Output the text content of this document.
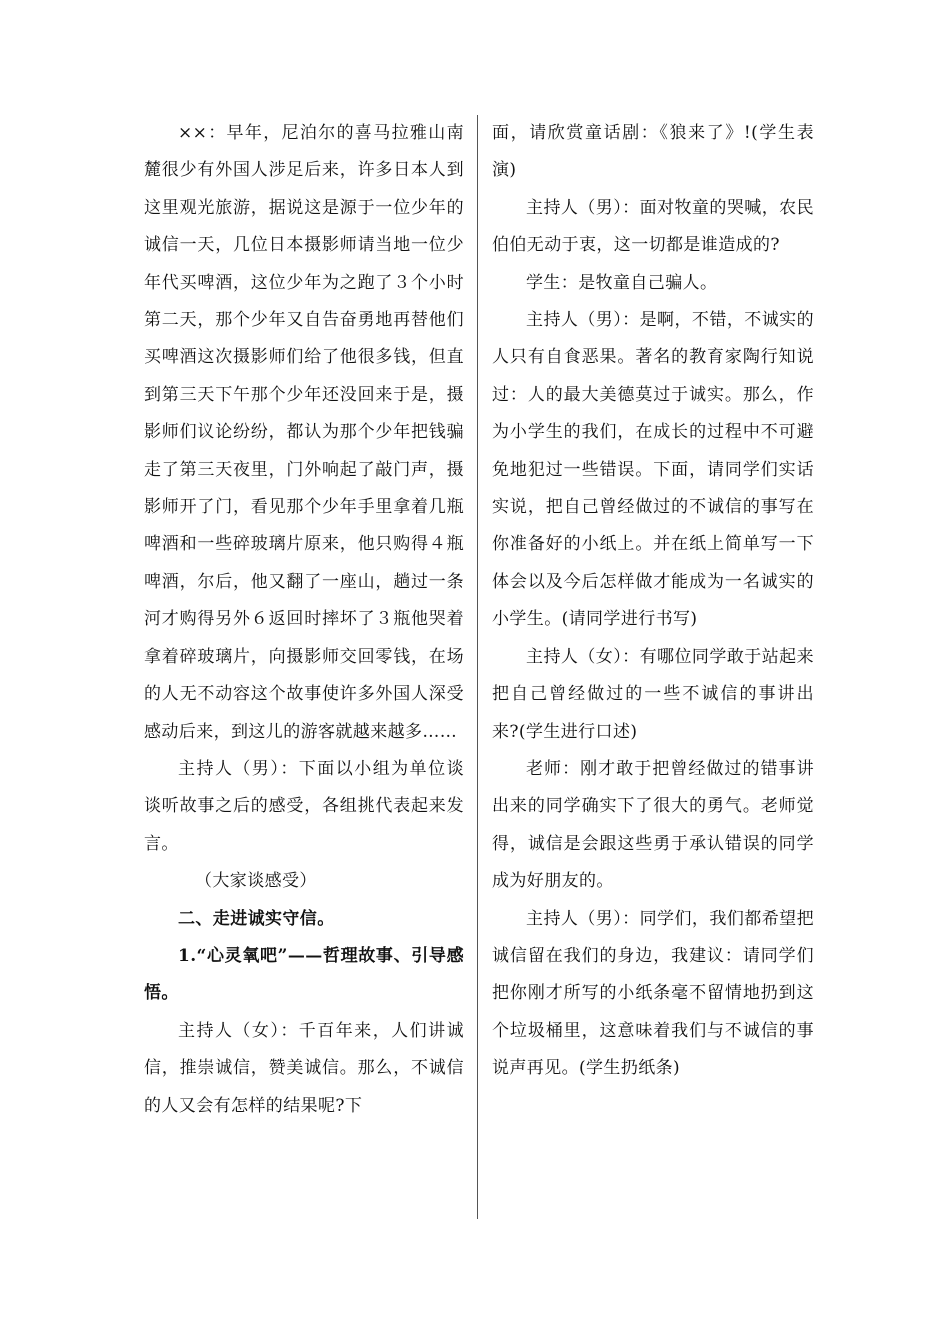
××：早年，尼泊尔的喜马拉雅山南麓很少有外国人涉足后来，许多日本人到这里观光旅游，据说这是源于一位少年的诚信一天，几位日本摄影师请当地一位少年代买啤酒，这位少年为之跑了３个小时第二天，那个少年又自告奋勇地再替他们买啤酒这次摄影师们给了他很多钱，但直到第三天下午那个少年还没回来于是，摄影师们议论纷纷，都认为那个少年把钱骗走了第三天夜里，门外响起了敲门声，摄影师开了门，看见那个少年手里拿着几瓶啤酒和一些碎玻璃片原来，他只购得４瓶啤酒，尔后，他又翻了一座山，趟过一条河才购得另外６返回时摔坏了３瓶他哭着拿着碎玻璃片，向摄影师交回零钱，在场的人无不动容这个故事使许多外国人深受感动后来，到这儿的游客就越来越多……

主持人（男）：下面以小组为单位谈谈听故事之后的感受，各组挑代表起来发言。

（大家谈感受）

二、走进诚实守信。

1.“心灵氧吧”——哲理故事、引导感悟。

主持人（女）：千百年来，人们讲诚信，推崇诚信，赞美诚信。那么，不诚信的人又会有怎样的结果呢?下

面，请欣赏童话剧：《狼来了》!(学生表演)

主持人（男）：面对牧童的哭喊，农民伯伯无动于衷，这一切都是谁造成的?

学生：是牧童自己骗人。

主持人（男）：是啊，不错，不诚实的人只有自食恶果。著名的教育家陶行知说过：人的最大美德莫过于诚实。那么，作为小学生的我们，在成长的过程中不可避免地犯过一些错误。下面，请同学们实话实说，把自己曾经做过的不诚信的事写在你准备好的小纸上。并在纸上简单写一下体会以及今后怎样做才能成为一名诚实的小学生。(请同学进行书写)

主持人（女）：有哪位同学敢于站起来把自己曾经做过的一些不诚信的事讲出来?(学生进行口述)

老师：刚才敢于把曾经做过的错事讲出来的同学确实下了很大的勇气。老师觉得，诚信是会跟这些勇于承认错误的同学成为好朋友的。

主持人（男）：同学们，我们都希望把诚信留在我们的身边，我建议：请同学们把你刚才所写的小纸条毫不留情地扔到这个垃圾桶里，这意味着我们与不诚信的事说声再见。(学生扔纸条)
